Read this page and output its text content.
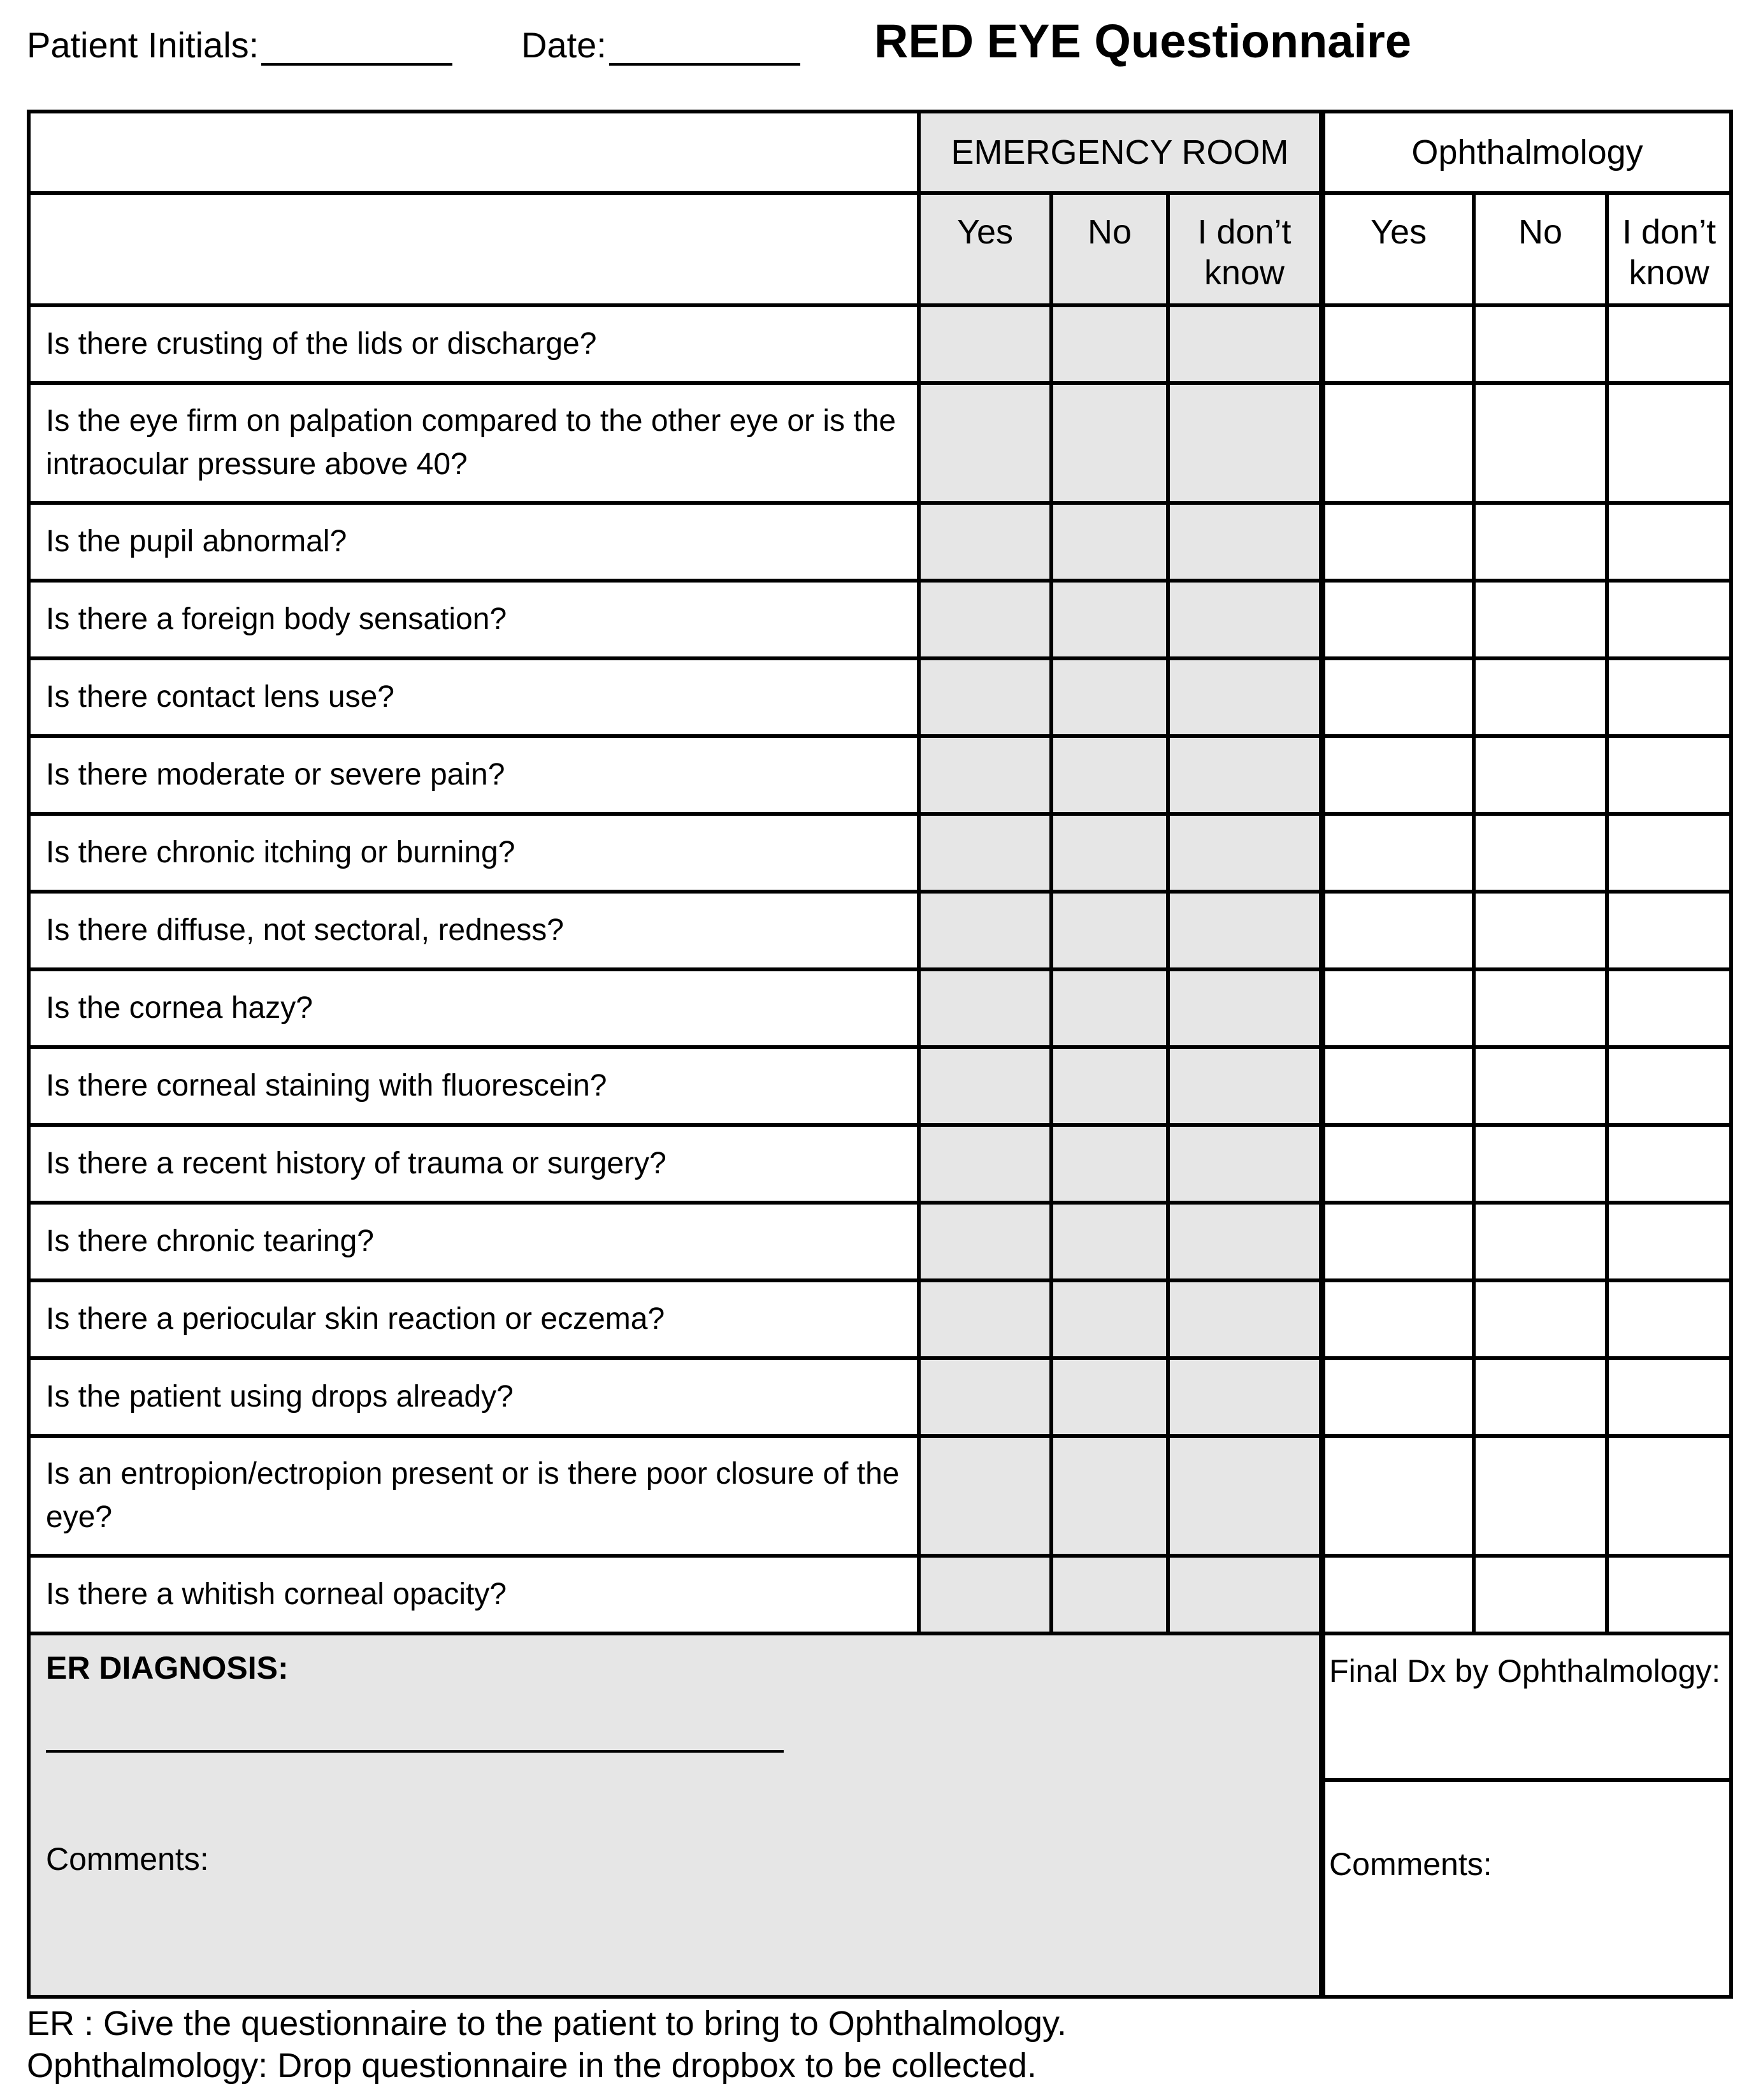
Patient Initials:	Date:	RED EYE Questionnaire
	EMERGENCY ROOM			Ophthalmology		
	Yes	No	I don’t know	Yes	No	I don’t know
Is there crusting of the lids or discharge?						
Is the eye firm on palpation compared to the other eye or is the intraocular pressure above 40?						
Is the pupil abnormal?						
Is there a foreign body sensation?						
Is there contact lens use?						
Is there moderate or severe pain?						
Is there chronic itching or burning?						
Is there diffuse, not sectoral, redness?						
Is the cornea hazy?						
Is there corneal staining with fluorescein?						
Is there a recent history of trauma or surgery?						
Is there chronic tearing?						
Is there a periocular skin reaction or eczema?						
Is the patient using drops already?						
Is an entropion/ectropion present or is there poor closure of the eye?						
Is there a whitish corneal opacity?						

ER DIAGNOSIS:
Comments:				Final Dx by Ophthalmology:		

				Comments:		
ER : Give the questionnaire to the patient to bring to Ophthalmology.
Ophthalmology: Drop questionnaire in the dropbox to be collected.
